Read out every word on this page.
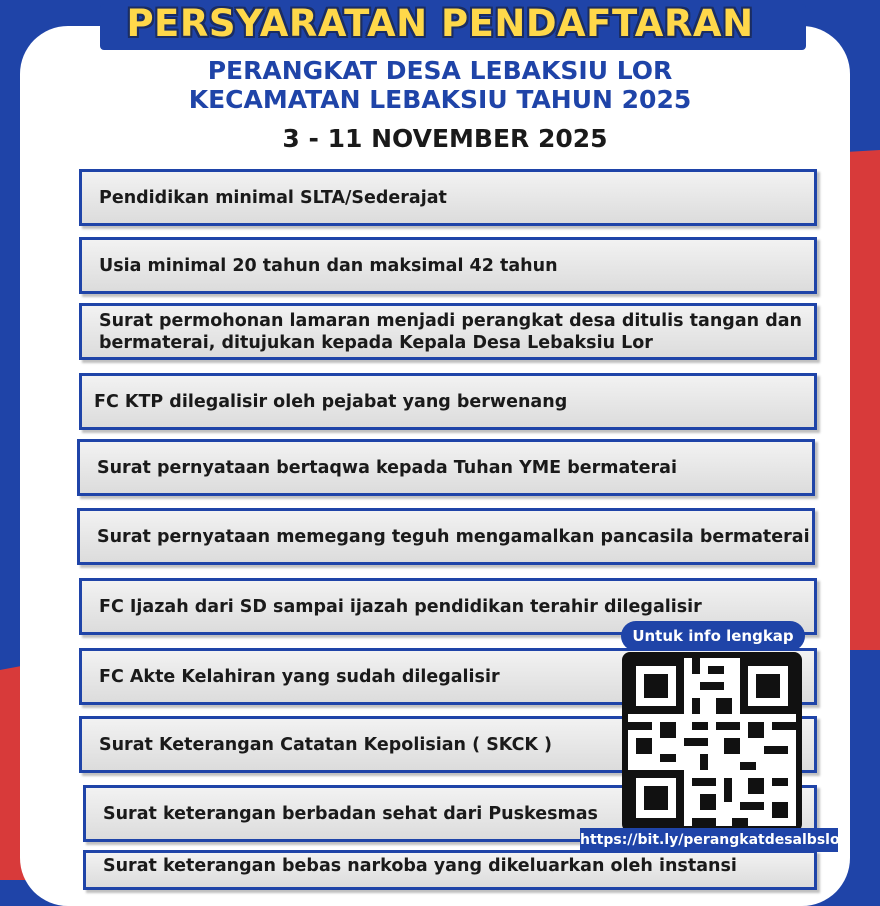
PERSYARATAN PENDAFTARAN
PERANGKAT DESA LEBAKSIU LOR
KECAMATAN LEBAKSIU TAHUN 2025
3 - 11 NOVEMBER 2025
Pendidikan minimal SLTA/Sederajat
Usia minimal 20 tahun dan maksimal 42 tahun
Surat permohonan lamaran menjadi perangkat desa ditulis tangan dan bermaterai, ditujukan kepada Kepala Desa Lebaksiu Lor
FC KTP dilegalisir oleh pejabat yang berwenang
Surat pernyataan bertaqwa kepada Tuhan YME bermaterai
Surat pernyataan memegang teguh mengamalkan pancasila bermaterai
FC Ijazah dari SD sampai ijazah pendidikan terahir dilegalisir
FC Akte Kelahiran yang sudah dilegalisir
Surat Keterangan Catatan Kepolisian ( SKCK )
Surat keterangan berbadan sehat dari Puskesmas
Surat keterangan bebas narkoba yang dikeluarkan oleh instansi
Untuk info lengkap
https://bit.ly/perangkatdesalbslor
